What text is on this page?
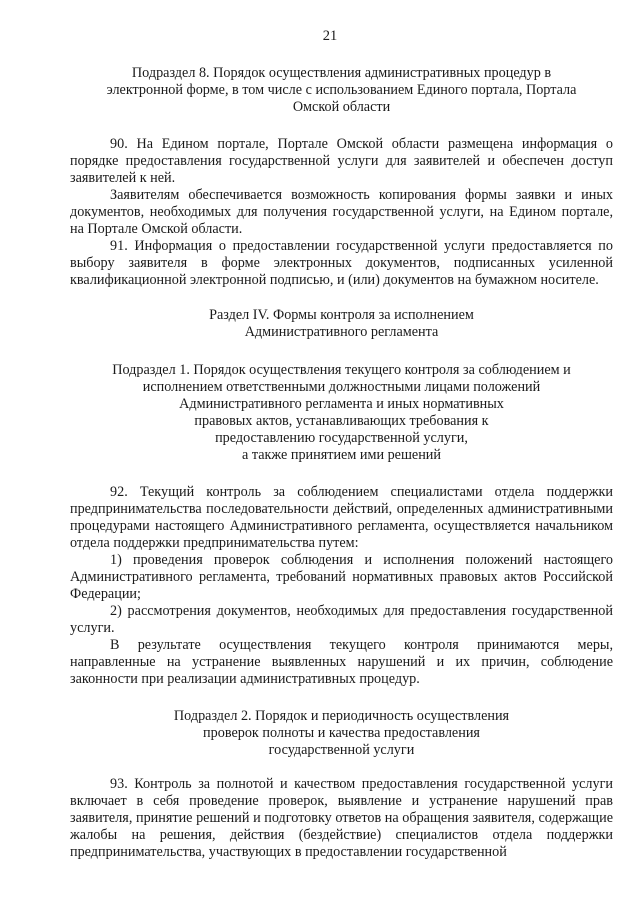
21
Подраздел 8. Порядок осуществления административных процедур в
электронной форме, в том числе с использованием Единого портала, Портала
Омской области

90. На Едином портале, Портале Омской области размещена информация о порядке предоставления государственной услуги для заявителей и обеспечен доступ заявителей к ней.

Заявителям обеспечивается возможность копирования формы заявки и иных документов, необходимых для получения государственной услуги, на Едином портале, на Портале Омской области.

91. Информация о предоставлении государственной услуги предоставляется по выбору заявителя в форме электронных документов, подписанных усиленной квалификационной электронной подписью, и (или) документов на бумажном носителе.

Раздел IV. Формы контроля за исполнением
Административного регламента
Подраздел 1. Порядок осуществления текущего контроля за соблюдением и
исполнением ответственными должностными лицами положений
Административного регламента и иных нормативных
правовых актов, устанавливающих требования к
предоставлению государственной услуги,
а также принятием ими решений

92. Текущий контроль за соблюдением специалистами отдела поддержки предпринимательства последовательности действий, определенных административными процедурами настоящего Административного регламента, осуществляется начальником отдела поддержки предпринимательства путем:

1) проведения проверок соблюдения и исполнения положений настоящего Административного регламента, требований нормативных правовых актов Российской Федерации;

2) рассмотрения документов, необходимых для предоставления государственной услуги.

В результате осуществления текущего контроля принимаются меры, направленные на устранение выявленных нарушений и их причин, соблюдение законности при реализации административных процедур.

Подраздел 2. Порядок и периодичность осуществления
проверок полноты и качества предоставления
государственной услуги

93. Контроль за полнотой и качеством предоставления государственной услуги включает в себя проведение проверок, выявление и устранение нарушений прав заявителя, принятие решений и подготовку ответов на обращения заявителя, содержащие жалобы на решения, действия (бездействие) специалистов отдела поддержки предпринимательства, участвующих в предоставлении государственной
